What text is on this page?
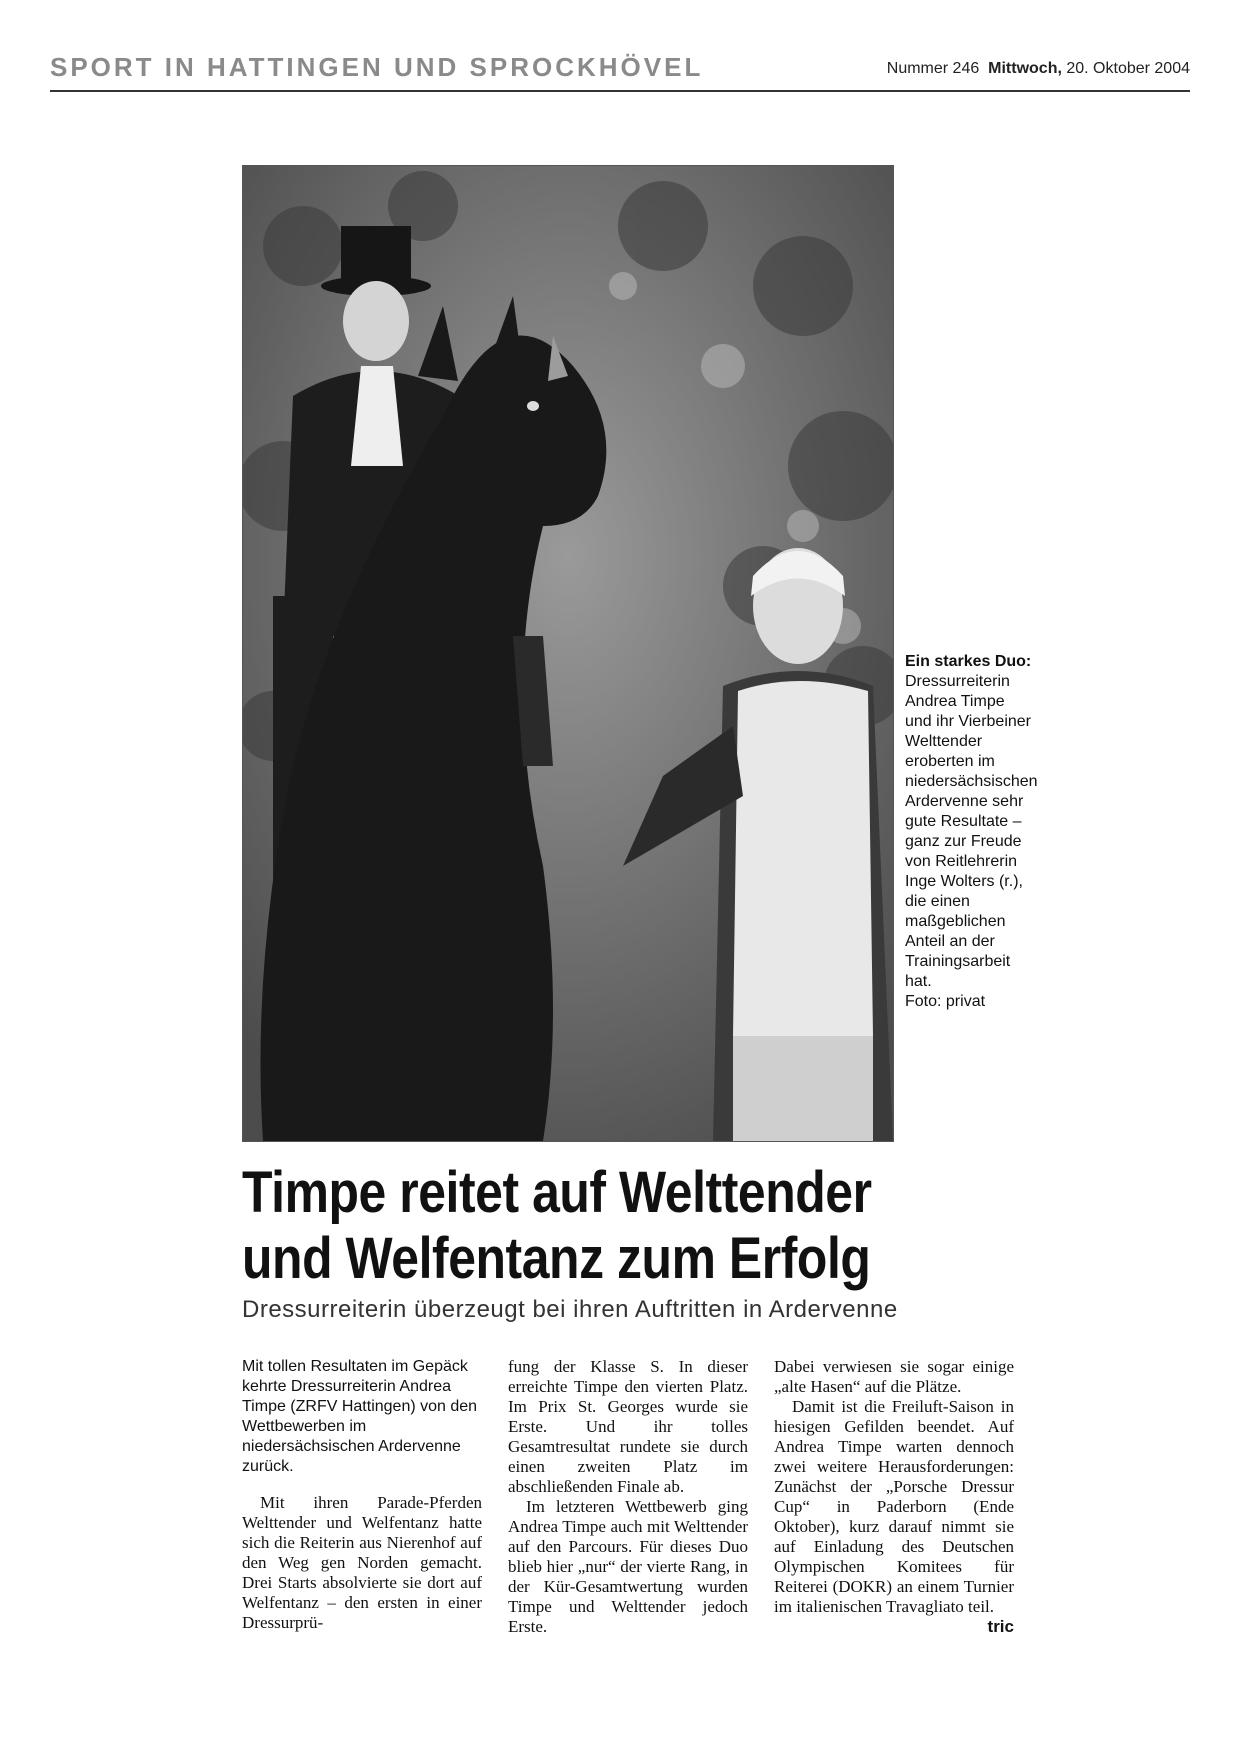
SPORT IN HATTINGEN UND SPROCKHÖVEL	Nummer 246 Mittwoch, 20. Oktober 2004
Ein starkes Duo: Dressurreiterin Andrea Timpe und ihr Vierbeiner Welttender eroberten im niedersächsischen Ardervenne sehr gute Resultate – ganz zur Freude von Reitlehrerin Inge Wolters (r.), die einen maßgeblichen Anteil an der Trainingsarbeit hat.
Foto: privat
Timpe reitet auf Welttender
und Welfentanz zum Erfolg
Dressurreiterin überzeugt bei ihren Auftritten in Ardervenne

Mit tollen Resultaten im Gepäck kehrte Dressurreiterin Andrea Timpe (ZRFV Hattingen) von den Wettbewerben im niedersächsischen Ardervenne zurück.

Mit ihren Parade-Pferden Welttender und Welfentanz hatte sich die Reiterin aus Nierenhof auf den Weg gen Norden gemacht. Drei Starts absolvierte sie dort auf Welfentanz – den ersten in einer Dressurprü-

fung der Klasse S. In dieser erreichte Timpe den vierten Platz. Im Prix St. Georges wurde sie Erste. Und ihr tolles Gesamtresultat rundete sie durch einen zweiten Platz im abschließenden Finale ab.

Im letzteren Wettbewerb ging Andrea Timpe auch mit Welttender auf den Parcours. Für dieses Duo blieb hier „nur“ der vierte Rang, in der Kür-Gesamtwertung wurden Timpe und Welttender jedoch Erste.

Dabei verwiesen sie sogar einige „alte Hasen“ auf die Plätze.

Damit ist die Freiluft-Saison in hiesigen Gefilden beendet. Auf Andrea Timpe warten dennoch zwei weitere Herausforderungen: Zunächst der „Porsche Dressur Cup“ in Paderborn (Ende Oktober), kurz darauf nimmt sie auf Einladung des Deutschen Olympischen Komitees für Reiterei (DOKR) an einem Turnier im italienischen Travagliato teil.
tric
